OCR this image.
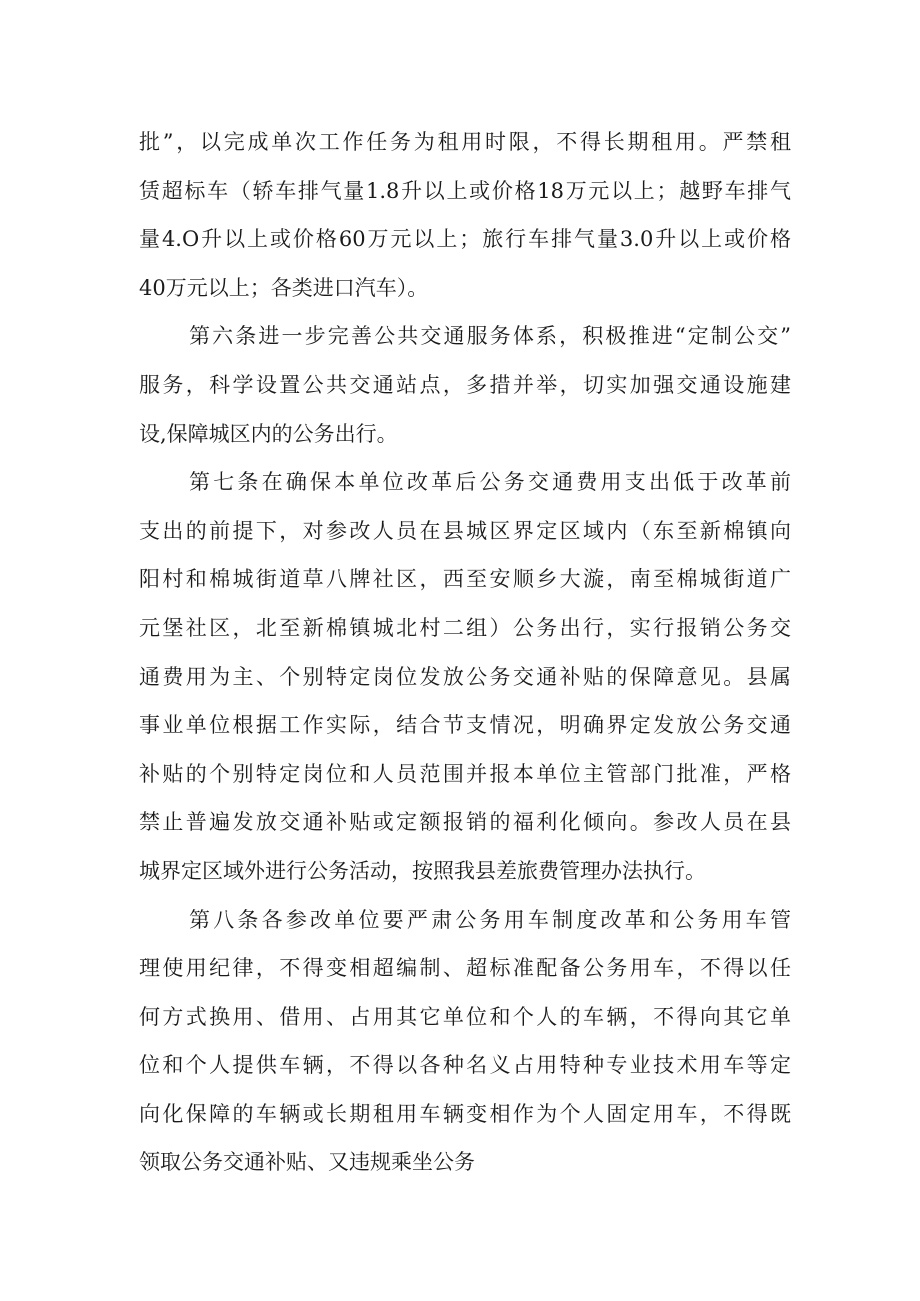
批”，以完成单次工作任务为租用时限，不得长期租用。严禁租
赁超标车（轿车排气量1.8升以上或价格18万元以上；越野车排气
量4.O升以上或价格60万元以上；旅行车排气量3.0升以上或价格
40万元以上；各类进口汽车）。
第六条进一步完善公共交通服务体系，积极推进“定制公交”
服务，科学设置公共交通站点，多措并举，切实加强交通设施建
设,保障城区内的公务出行。
第七条在确保本单位改革后公务交通费用支出低于改革前
支出的前提下，对参改人员在县城区界定区域内（东至新棉镇向
阳村和棉城街道草八牌社区，西至安顺乡大漩，南至棉城街道广
元堡社区，北至新棉镇城北村二组）公务出行，实行报销公务交
通费用为主、个别特定岗位发放公务交通补贴的保障意见。县属
事业单位根据工作实际，结合节支情况，明确界定发放公务交通
补贴的个别特定岗位和人员范围并报本单位主管部门批准，严格
禁止普遍发放交通补贴或定额报销的福利化倾向。参改人员在县
城界定区域外进行公务活动，按照我县差旅费管理办法执行。
第八条各参改单位要严肃公务用车制度改革和公务用车管
理使用纪律，不得变相超编制、超标准配备公务用车，不得以任
何方式换用、借用、占用其它单位和个人的车辆，不得向其它单
位和个人提供车辆，不得以各种名义占用特种专业技术用车等定
向化保障的车辆或长期租用车辆变相作为个人固定用车，不得既
领取公务交通补贴、又违规乘坐公务
